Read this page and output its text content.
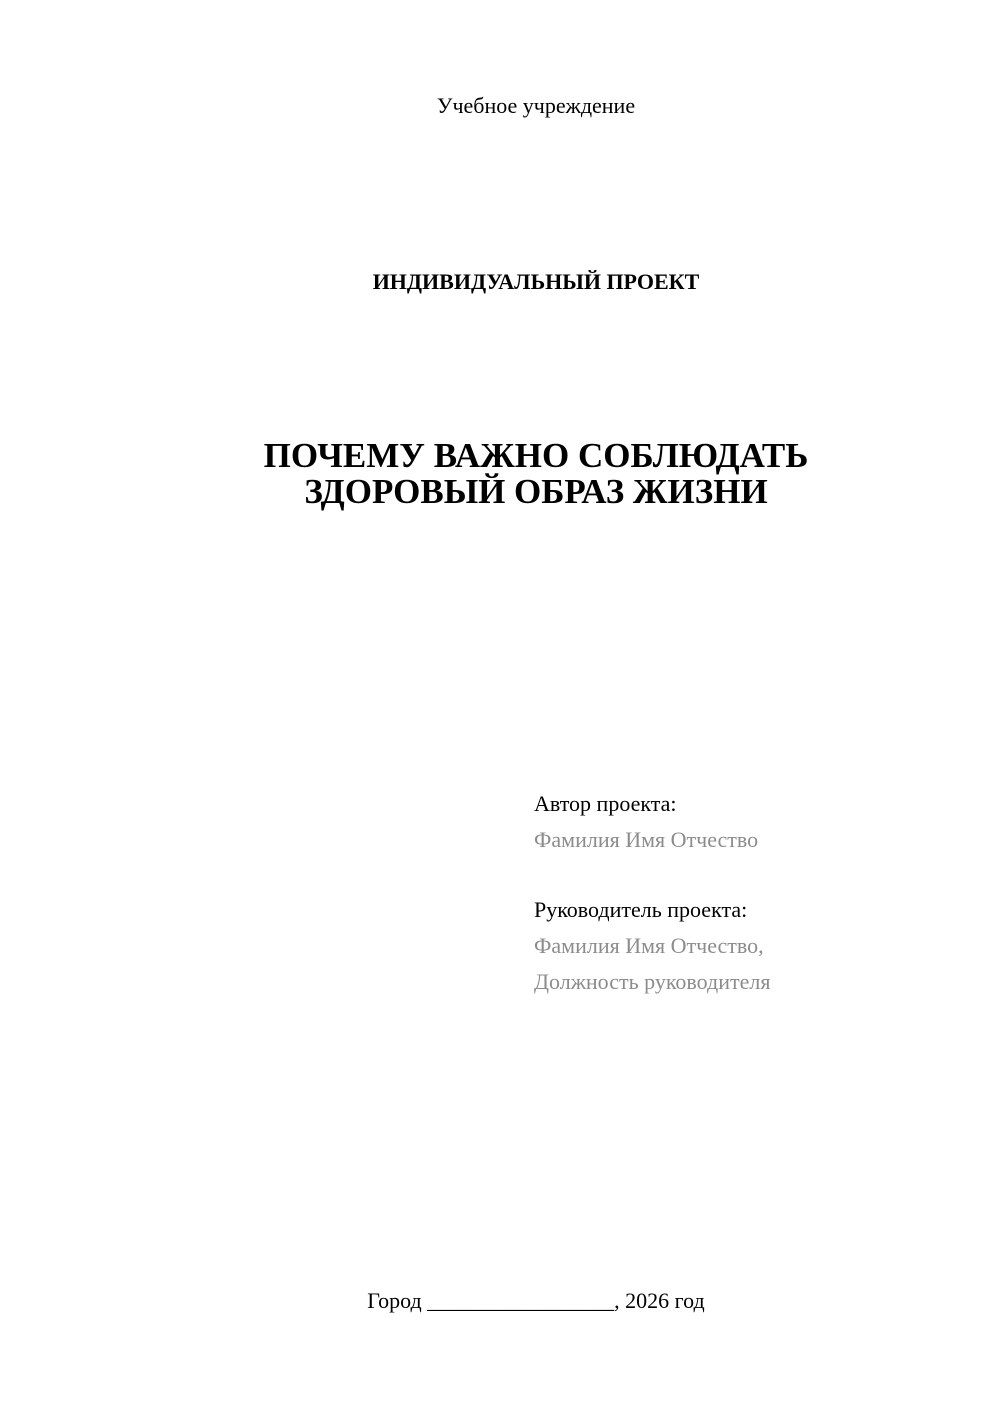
Учебное учреждение
ИНДИВИДУАЛЬНЫЙ ПРОЕКТ
ПОЧЕМУ ВАЖНО СОБЛЮДАТЬ
ЗДОРОВЫЙ ОБРАЗ ЖИЗНИ
Автор проекта:
Фамилия Имя Отчество
Руководитель проекта:
Фамилия Имя Отчество,
Должность руководителя
Город _________________, 2026 год
